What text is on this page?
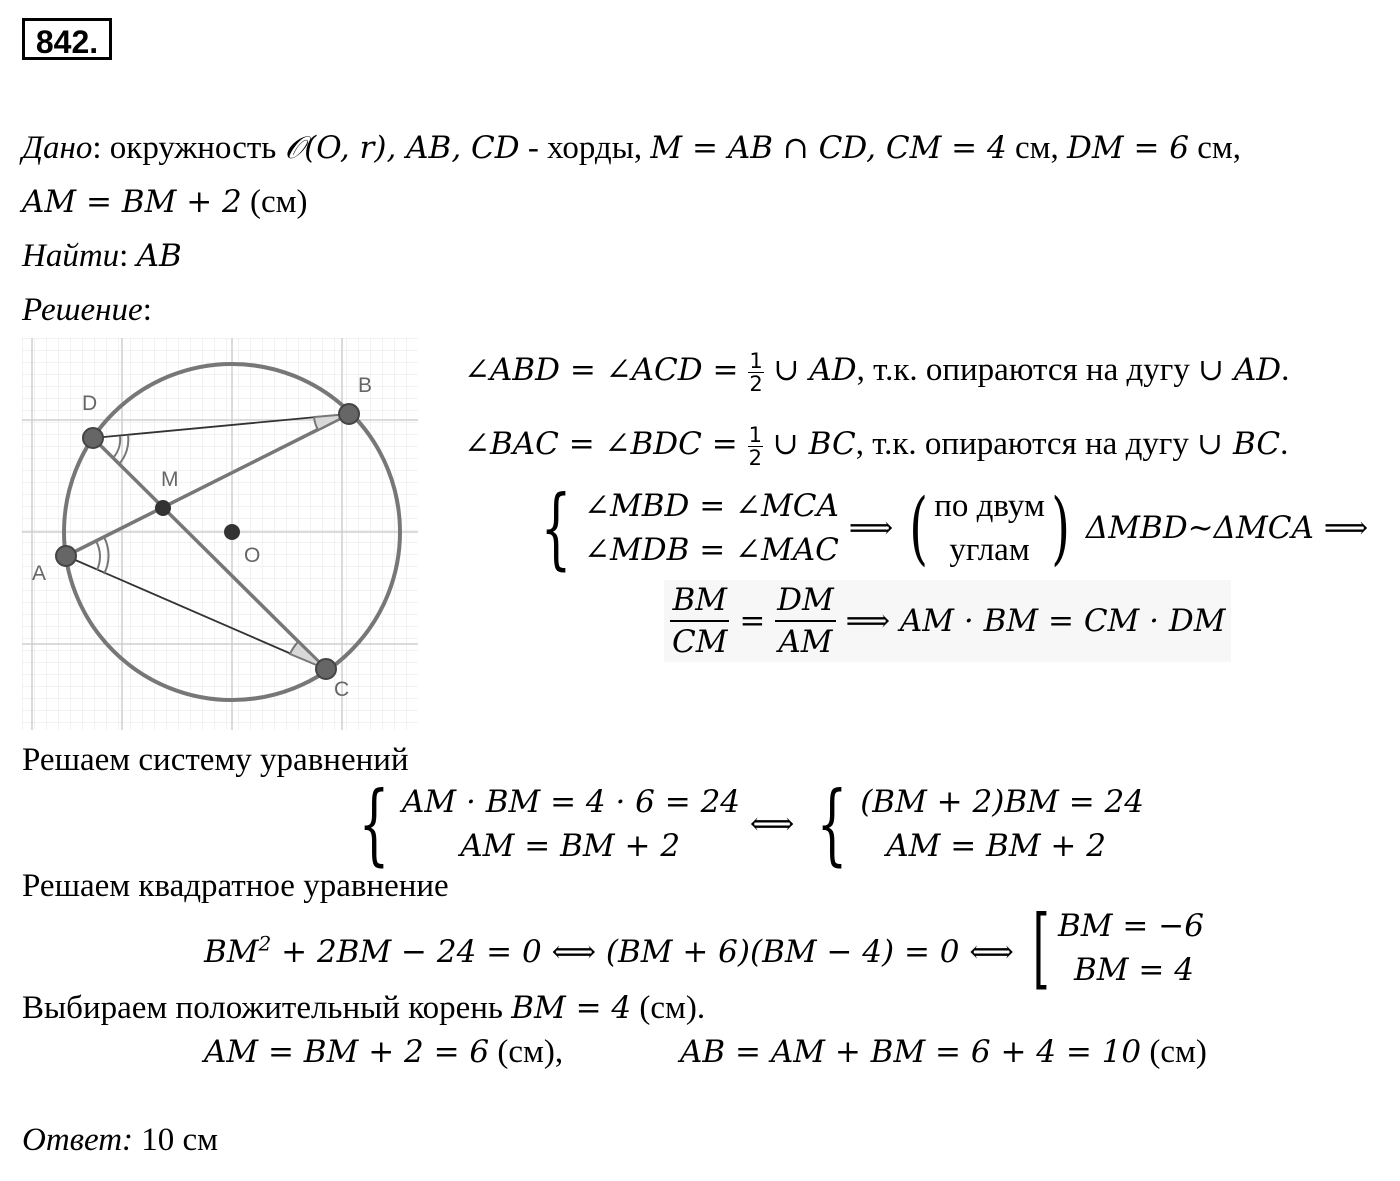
842.
Дано: окружность 𝒪(O, r), AB, CD - хорды, M = AB ∩ CD, CM = 4 см, DM = 6 см,
AM = BM + 2 (см)
Найти: AB
Решение:
D
B
M
O
A
C
∠ABD = ∠ACD = $\frac{1}{2}$ ∪ AD, т.к. опираются на дугу ∪ AD.
∠BAC = ∠BDC = $\frac{1}{2}$ ∪ BC, т.к. опираются на дугу ∪ BC.
{ ∠MBD = ∠MCA
∠MDB = ∠MAC
⟹ ( по двум
углам ) ΔMBD~ΔMCA ⟹
$\frac{BM}{CM} = \frac{DM}{AM}$ ⟹ AM · BM = CM · DM
Решаем систему уравнений
{ AM · BM = 4 · 6 = 24
AM = BM + 2
⟺ { (BM + 2)BM = 24
AM = BM + 2
Решаем квадратное уравнение
$BM^2 + 2BM - 24 = 0$ ⟺ (BM + 6)(BM − 4) = 0 ⟺ [ BM = −6
BM = 4
Выбираем положительный корень BM = 4 (см).
AM = BM + 2 = 6 (см),	AB = AM + BM = 6 + 4 = 10 (см)
Ответ: 10 см
